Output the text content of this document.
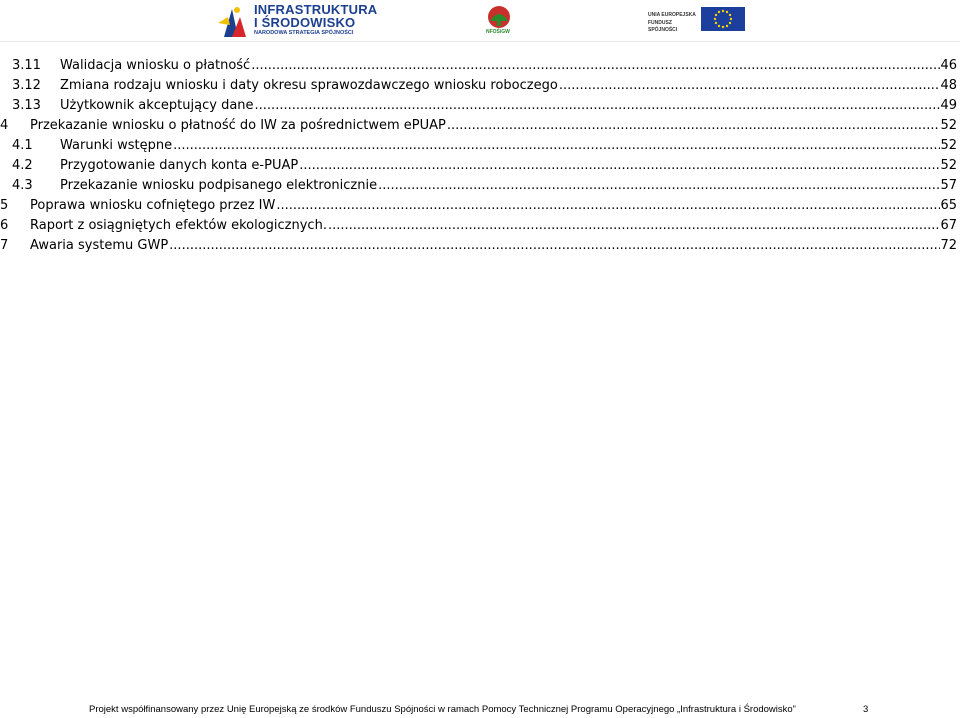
INFRASTRUKTURA
I ŚRODOWISKO
NARODOWA STRATEGIA SPÓJNOŚCI	NFOŚiGW
UNIA EUROPEJSKA
FUNDUSZ SPÓJNOŚCI
3.11	Walidacja wniosku o płatność .....	46
3.12	Zmiana rodzaju wniosku i daty okresu sprawozdawczego wniosku roboczego .....	48
3.13	Użytkownik akceptujący dane .....	49
4	Przekazanie wniosku o płatność do IW za pośrednictwem ePUAP .....	52
4.1	Warunki wstępne .....	52
4.2	Przygotowanie danych konta e-PUAP .....	52
4.3	Przekazanie wniosku podpisanego elektronicznie .....	57
5	Poprawa wniosku cofniętego przez IW .....	65
6	Raport z osiągniętych efektów ekologicznych. .....	67
7	Awaria systemu GWP .....	72
Projekt współfinansowany przez Unię Europejską ze środków Funduszu Spójności w ramach Pomocy Technicznej Programu Operacyjnego „Infrastruktura i Środowisko”	3
